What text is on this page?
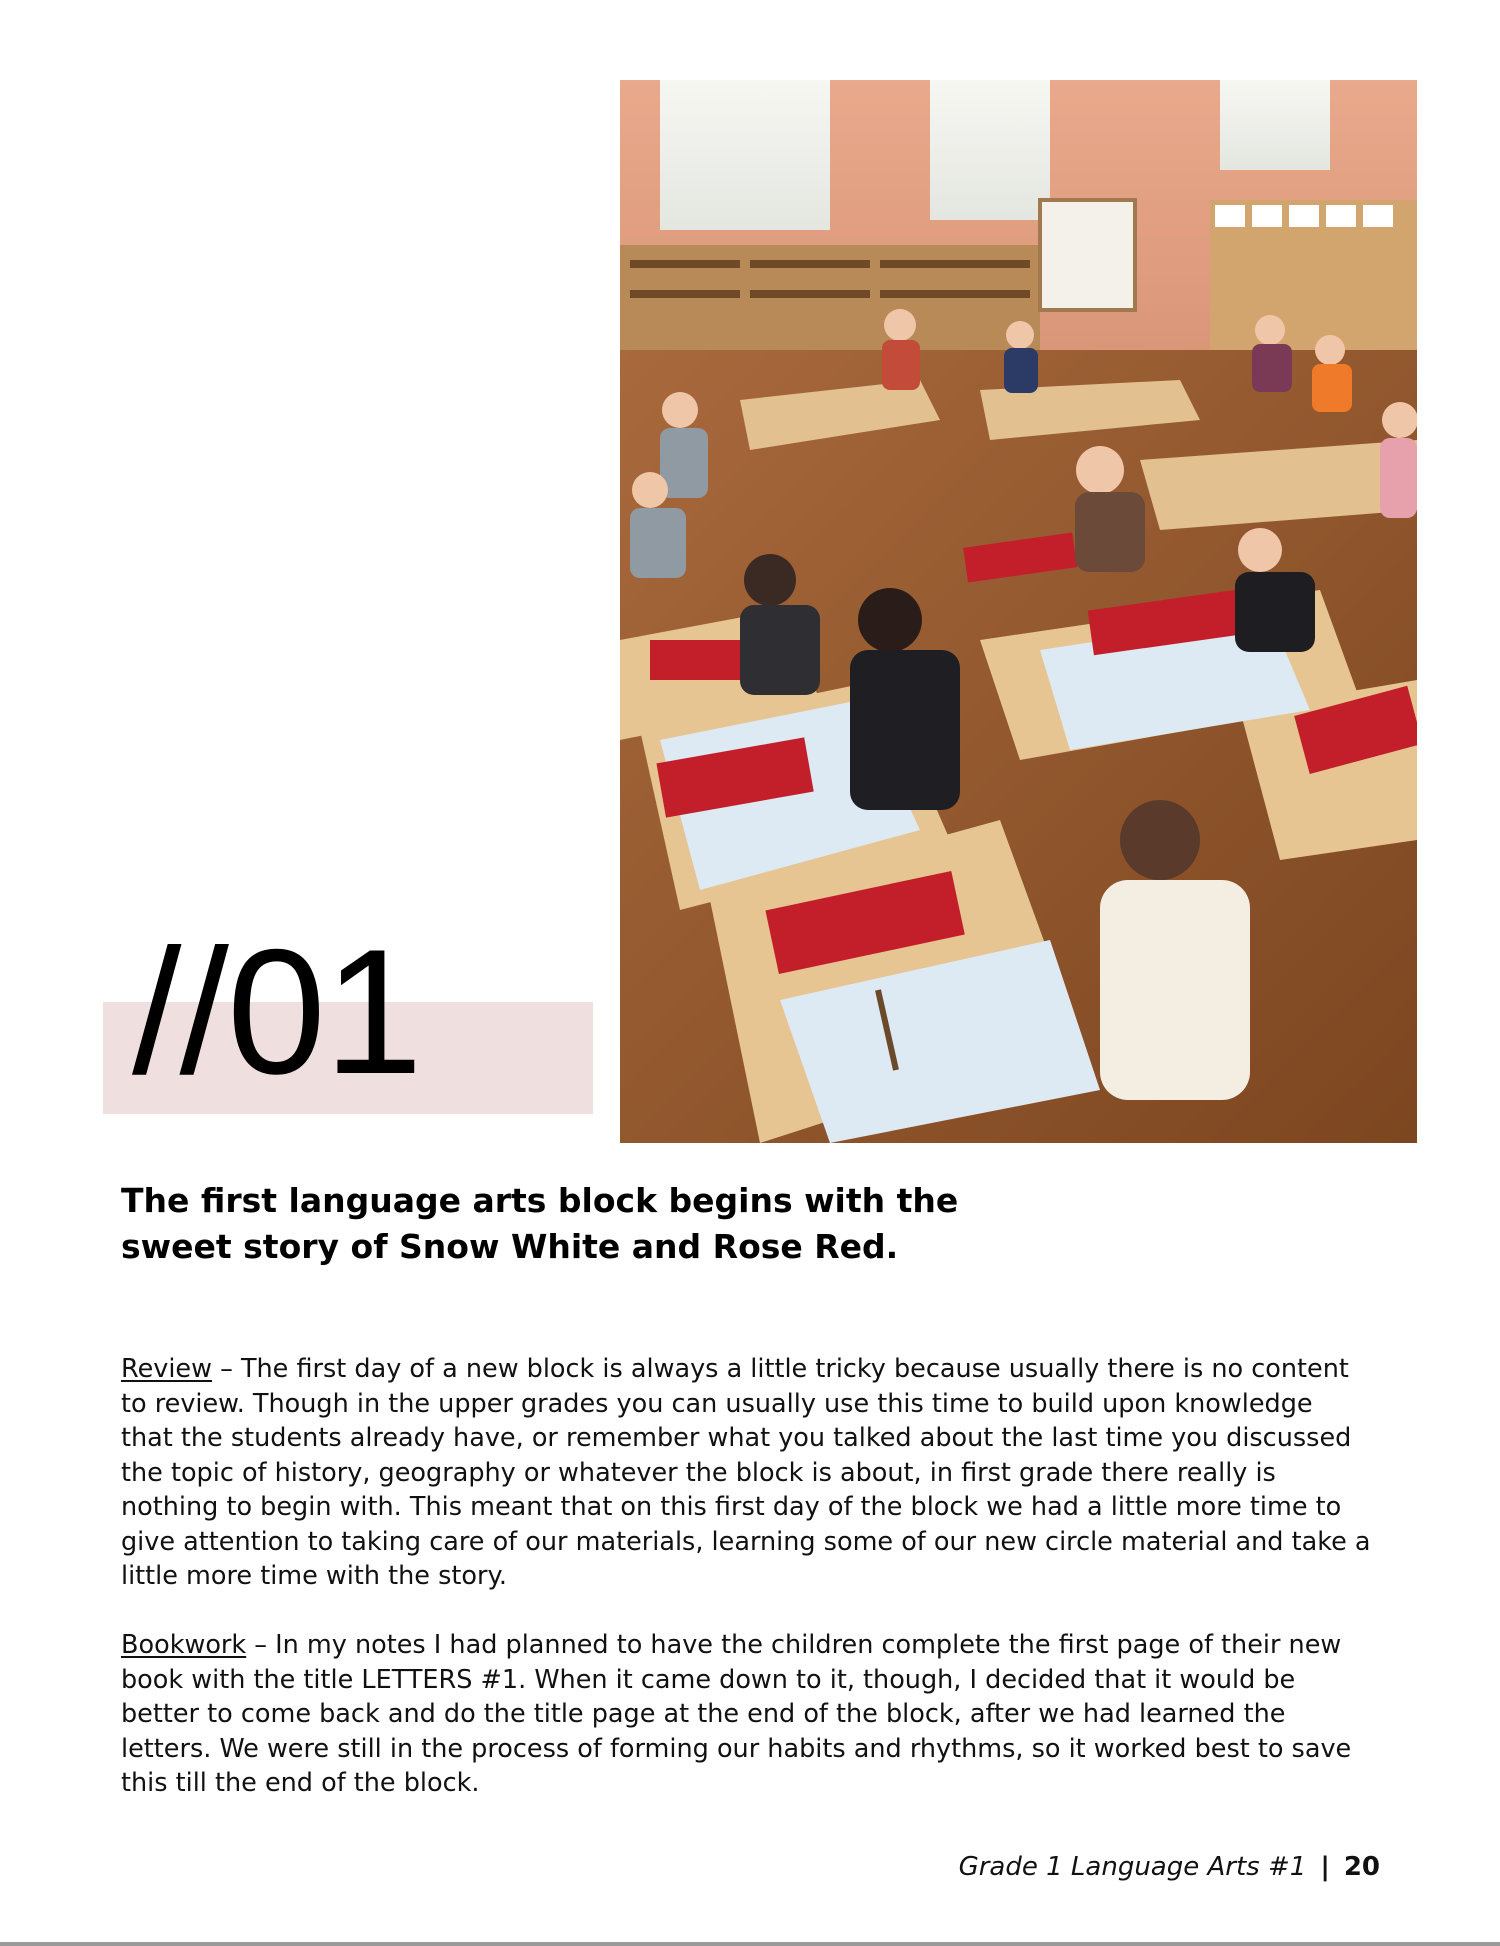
//01
The first language arts block begins with the
sweet story of Snow White and Rose Red.

Review – The first day of a new block is always a little tricky because usually there is no content to review. Though in the upper grades you can usually use this time to build upon knowledge that the students already have, or remember what you talked about the last time you discussed the topic of history, geography or whatever the block is about, in first grade there really is nothing to begin with. This meant that on this first day of the block we had a little more time to give attention to taking care of our materials, learning some of our new circle material and take a little more time with the story.

Bookwork – In my notes I had planned to have the children complete the first page of their new book with the title LETTERS #1. When it came down to it, though, I decided that it would be better to come back and do the title page at the end of the block, after we had learned the letters. We were still in the process of forming our habits and rhythms, so it worked best to save this till the end of the block.

Grade 1 Language Arts #1 | 20
